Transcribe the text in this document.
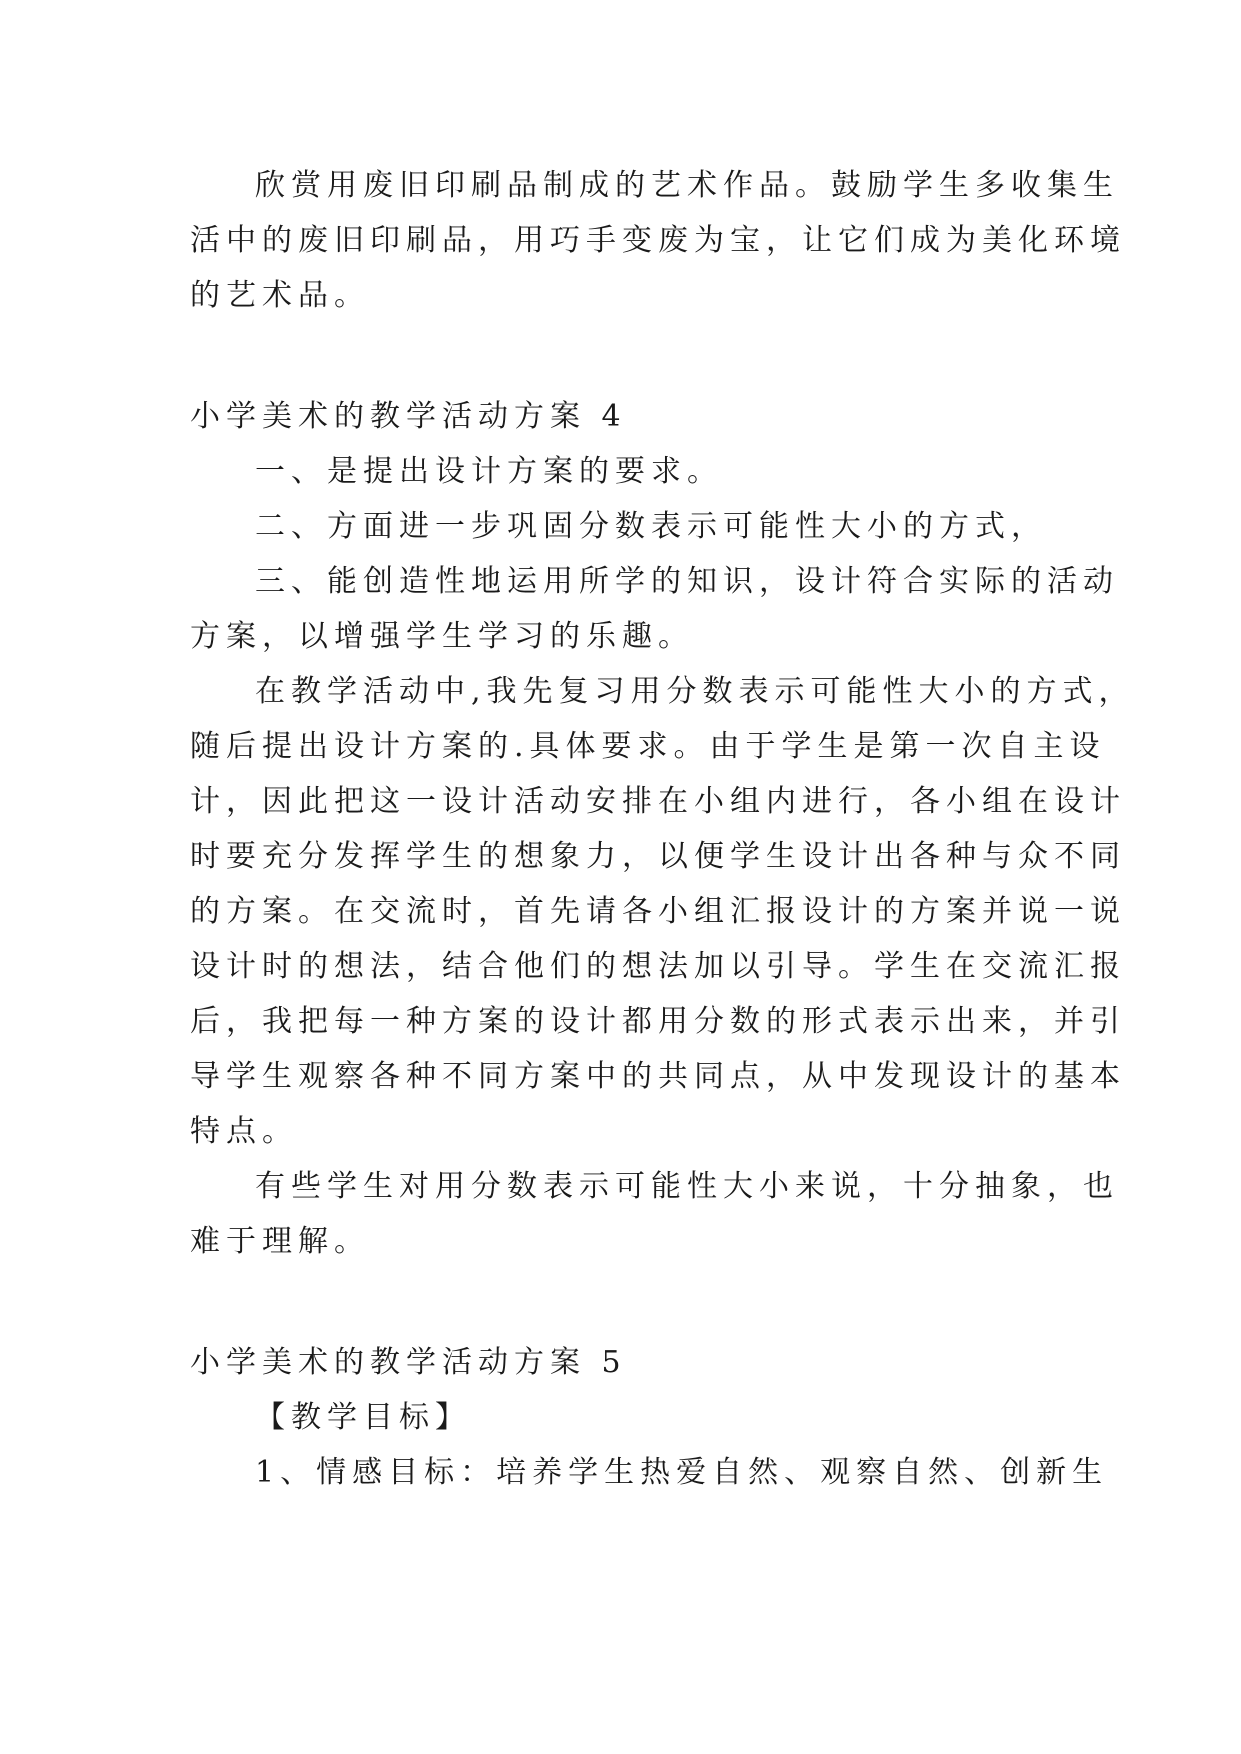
欣赏用废旧印刷品制成的艺术作品。鼓励学生多收集生
活中的废旧印刷品，用巧手变废为宝，让它们成为美化环境
的艺术品。
小学美术的教学活动方案 4
一、是提出设计方案的要求。
二、方面进一步巩固分数表示可能性大小的方式，
三、能创造性地运用所学的知识，设计符合实际的活动
方案，以增强学生学习的乐趣。
在教学活动中,我先复习用分数表示可能性大小的方式，
随后提出设计方案的.具体要求。由于学生是第一次自主设
计，因此把这一设计活动安排在小组内进行，各小组在设计
时要充分发挥学生的想象力，以便学生设计出各种与众不同
的方案。在交流时，首先请各小组汇报设计的方案并说一说
设计时的想法，结合他们的想法加以引导。学生在交流汇报
后，我把每一种方案的设计都用分数的形式表示出来，并引
导学生观察各种不同方案中的共同点，从中发现设计的基本
特点。
有些学生对用分数表示可能性大小来说，十分抽象，也
难于理解。
小学美术的教学活动方案 5
【教学目标】
1、情感目标：培养学生热爱自然、观察自然、创新生
